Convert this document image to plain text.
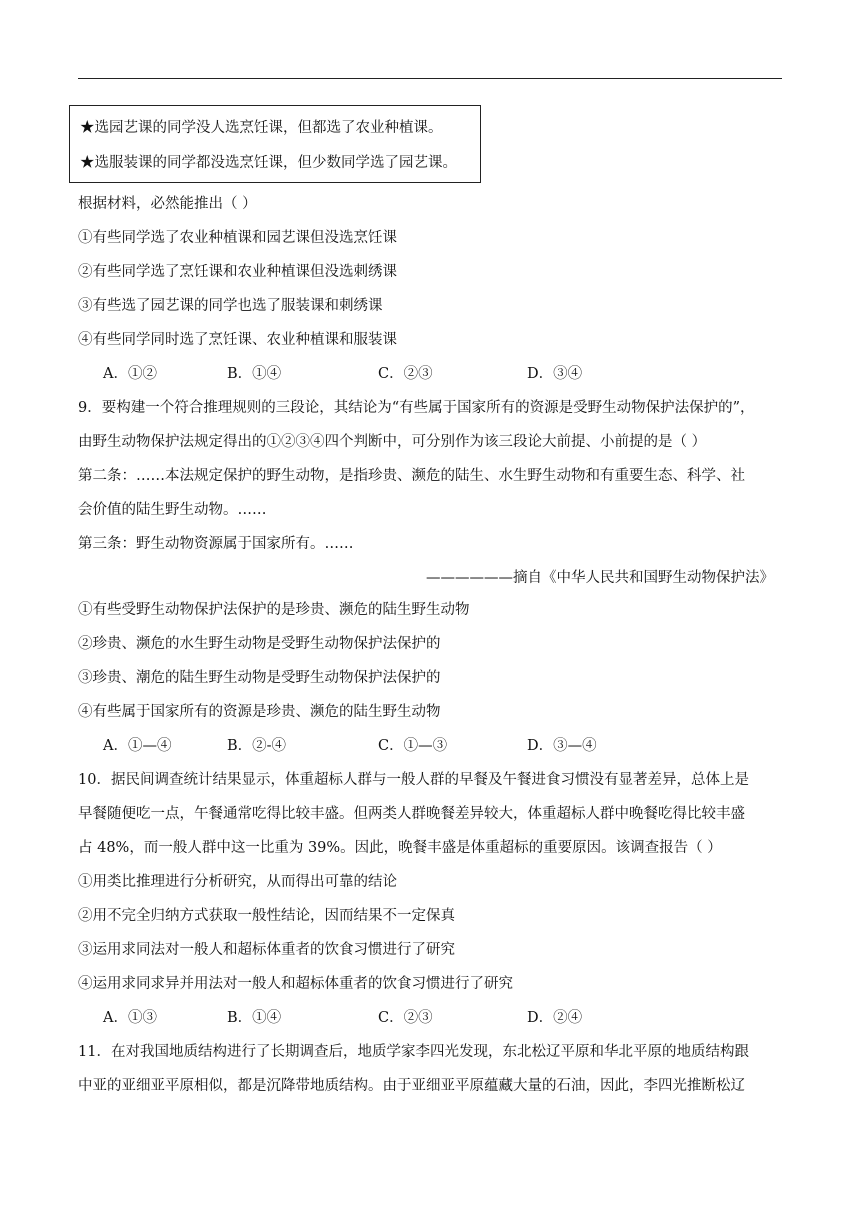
★选园艺课的同学没人选烹饪课，但都选了农业种植课。
★选服装课的同学都没选烹饪课，但少数同学选了园艺课。
根据材料，必然能推出（ ）
①有些同学选了农业种植课和园艺课但没选烹饪课
②有些同学选了烹饪课和农业种植课但没选刺绣课
③有些选了园艺课的同学也选了服装课和刺绣课
④有些同学同时选了烹饪课、农业种植课和服装课
A．①②	B．①④	C．②③	D．③④
9．要构建一个符合推理规则的三段论，其结论为“有些属于国家所有的资源是受野生动物保护法保护的”，
由野生动物保护法规定得出的①②③④四个判断中，可分别作为该三段论大前提、小前提的是（ ）
第二条：……本法规定保护的野生动物，是指珍贵、濒危的陆生、水生野生动物和有重要生态、科学、社
会价值的陆生野生动物。……
第三条：野生动物资源属于国家所有。……
——————摘自《中华人民共和国野生动物保护法》
①有些受野生动物保护法保护的是珍贵、濒危的陆生野生动物
②珍贵、濒危的水生野生动物是受野生动物保护法保护的
③珍贵、潮危的陆生野生动物是受野生动物保护法保护的
④有些属于国家所有的资源是珍贵、濒危的陆生野生动物
A．①—④	B．②-④	C．①—③	D．③—④
10．据民间调查统计结果显示，体重超标人群与一般人群的早餐及午餐进食习惯没有显著差异，总体上是
早餐随便吃一点，午餐通常吃得比较丰盛。但两类人群晚餐差异较大，体重超标人群中晚餐吃得比较丰盛
占 48%，而一般人群中这一比重为 39%。因此，晚餐丰盛是体重超标的重要原因。该调查报告（ ）
①用类比推理进行分析研究，从而得出可靠的结论
②用不完全归纳方式获取一般性结论，因而结果不一定保真
③运用求同法对一般人和超标体重者的饮食习惯进行了研究
④运用求同求异并用法对一般人和超标体重者的饮食习惯进行了研究
A．①③	B．①④	C．②③	D．②④
11．在对我国地质结构进行了长期调查后，地质学家李四光发现，东北松辽平原和华北平原的地质结构跟
中亚的亚细亚平原相似，都是沉降带地质结构。由于亚细亚平原蕴藏大量的石油，因此，李四光推断松辽
